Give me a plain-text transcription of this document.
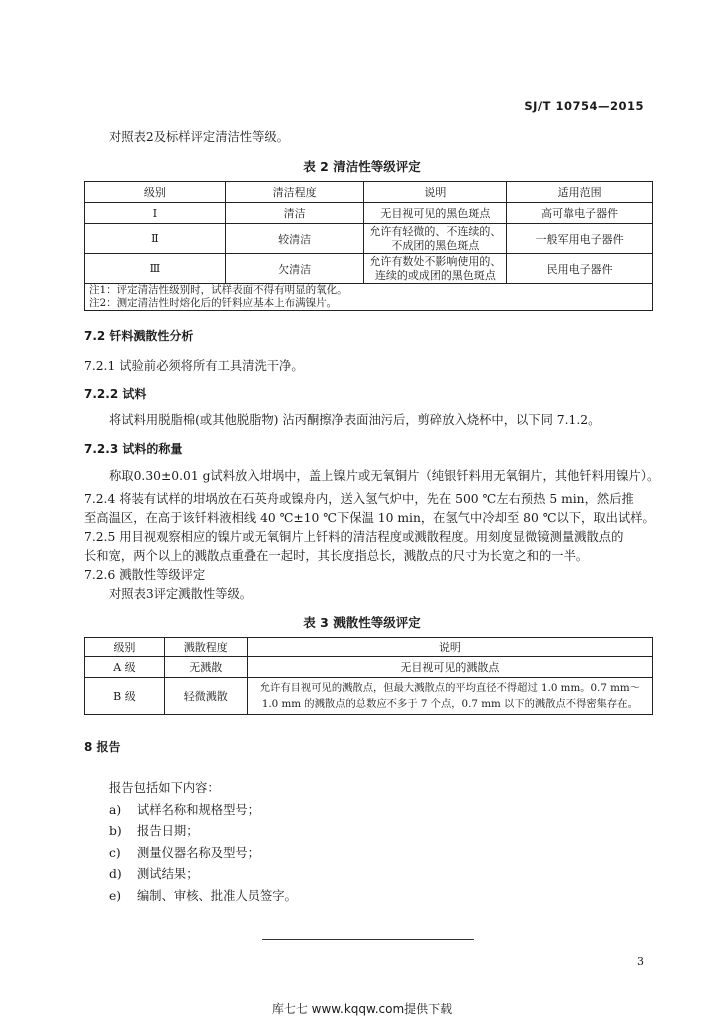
SJ/T 10754—2015
对照表2及标样评定清洁性等级。
表 2 清洁性等级评定
级别	清洁程度	说明	适用范围
Ⅰ	清洁	无目视可见的黑色斑点	高可靠电子器件
Ⅱ	较清洁	允许有轻微的、不连续的、不成团的黑色斑点	一般军用电子器件
Ⅲ	欠清洁	允许有数处不影响使用的、连续的或成团的黑色斑点	民用电子器件

注1：评定清洁性级别时，试样表面不得有明显的氧化。
注2：测定清洁性时熔化后的钎料应基本上布满镍片。			
7.2 钎料溅散性分析
7.2.1 试验前必须将所有工具清洗干净。
7.2.2 试料
将试料用脱脂棉(或其他脱脂物) 沾丙酮擦净表面油污后，剪碎放入烧杯中，以下同 7.1.2。
7.2.3 试料的称量
称取0.30±0.01 g试料放入坩埚中，盖上镍片或无氧铜片（纯银钎料用无氧铜片，其他钎料用镍片）。
7.2.4 将装有试样的坩埚放在石英舟或镍舟内，送入氢气炉中，先在 500 ℃左右预热 5 min，然后推
至高温区，在高于该钎料液相线 40 ℃±10 ℃下保温 10 min，在氢气中冷却至 80 ℃以下，取出试样。
7.2.5 用目视观察相应的镍片或无氧铜片上钎料的清洁程度或溅散程度。用刻度显微镜测量溅散点的
长和宽，两个以上的溅散点重叠在一起时，其长度指总长，溅散点的尺寸为长宽之和的一半。
7.2.6 溅散性等级评定
对照表3评定溅散性等级。
表 3 溅散性等级评定
级别	溅散程度	说明
A 级	无溅散	无目视可见的溅散点
B 级	轻微溅散	允许有目视可见的溅散点，但最大溅散点的平均直径不得超过 1.0 mm。0.7 mm～
1.0 mm 的溅散点的总数应不多于 7 个点，0.7 mm 以下的溅散点不得密集存在。
8 报告
报告包括如下内容：
a) 试样名称和规格型号；
b) 报告日期；
c) 测量仪器名称及型号；
d) 测试结果；
e) 编制、审核、批准人员签字。
3
库七七 www.kqqw.com提供下载
